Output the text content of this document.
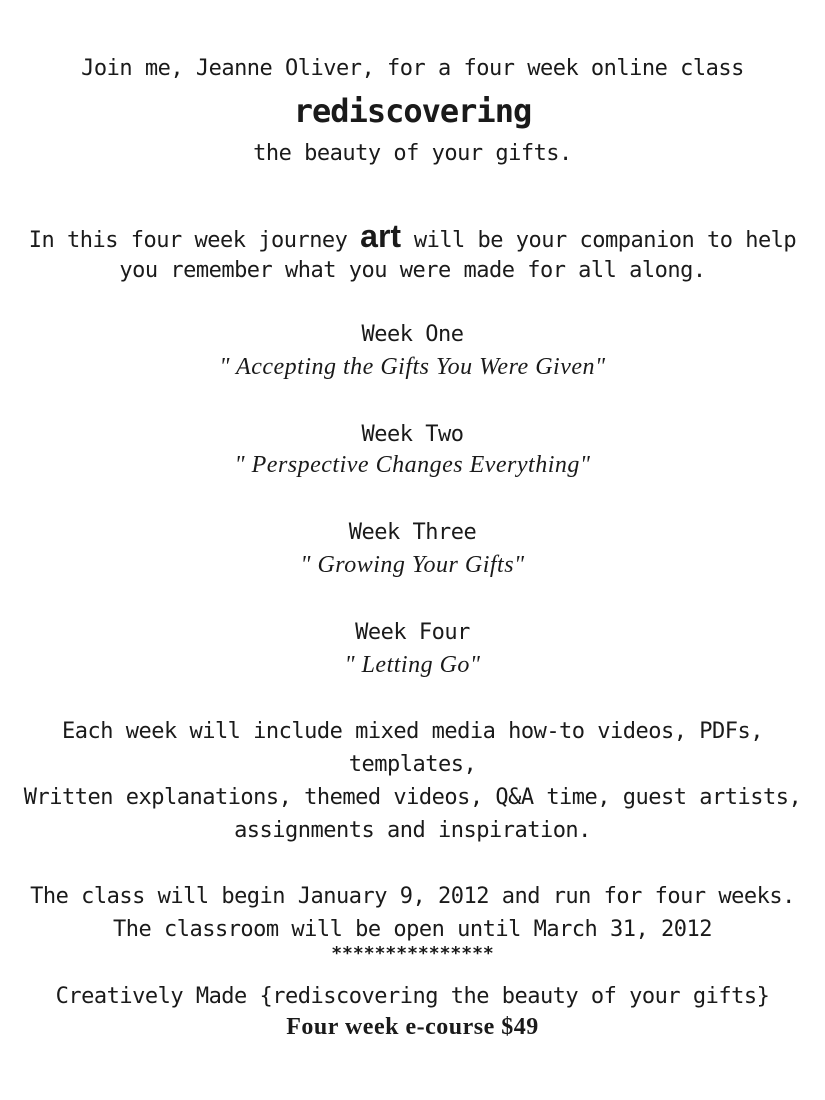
Join me, Jeanne Oliver, for a four week online class
rediscovering
the beauty of your gifts.
In this four week journey art will be your companion to help
you remember what you were made for all along.
Week One
" Accepting the Gifts You Were Given"
Week Two
" Perspective Changes Everything"
Week Three
" Growing Your Gifts"
Week Four
" Letting Go"
Each week will include mixed media how-to videos, PDFs,
templates,
Written explanations, themed videos, Q&A time, guest artists,
assignments and inspiration.
The class will begin January 9, 2012 and run for four weeks.
The classroom will be open until March 31, 2012
***************
Creatively Made {rediscovering the beauty of your gifts}
Four week e-course $49
